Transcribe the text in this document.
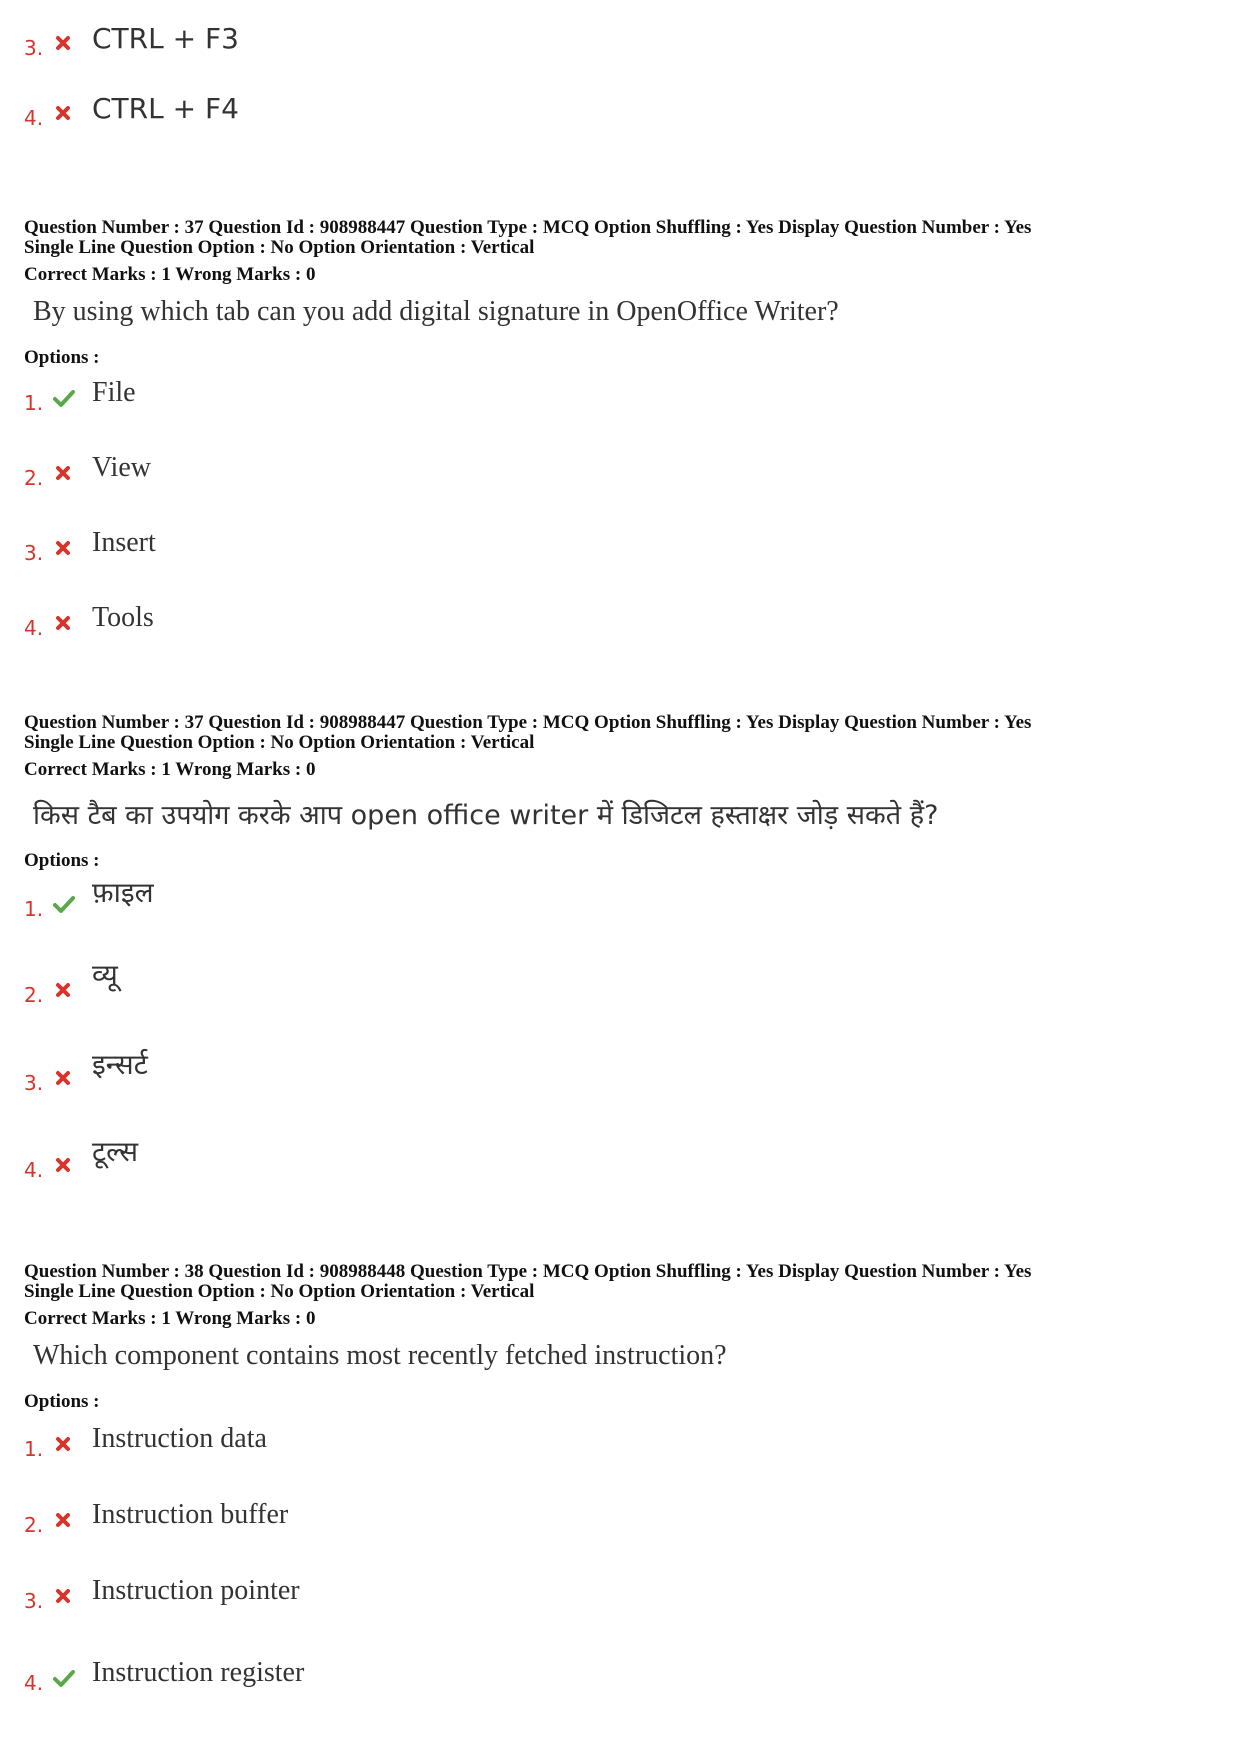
3. CTRL + F3
4. CTRL + F4
Question Number : 37 Question Id : 908988447 Question Type : MCQ Option Shuffling : Yes Display Question Number : Yes
Single Line Question Option : No Option Orientation : Vertical
Correct Marks : 1 Wrong Marks : 0
By using which tab can you add digital signature in OpenOffice Writer?
Options :
1. File
2. View
3. Insert
4. Tools
Question Number : 37 Question Id : 908988447 Question Type : MCQ Option Shuffling : Yes Display Question Number : Yes
Single Line Question Option : No Option Orientation : Vertical
Correct Marks : 1 Wrong Marks : 0
किस टैब का उपयोग करके आप open office writer में डिजिटल हस्ताक्षर जोड़ सकते हैं?
Options :
1. फ़ाइल
2.
व्यू
3.
इन्सर्ट
4.
टूल्स
Question Number : 38 Question Id : 908988448 Question Type : MCQ Option Shuffling : Yes Display Question Number : Yes
Single Line Question Option : No Option Orientation : Vertical
Correct Marks : 1 Wrong Marks : 0
Which component contains most recently fetched instruction?
Options :
1. Instruction data
2. Instruction buffer
3. Instruction pointer
4. Instruction register
